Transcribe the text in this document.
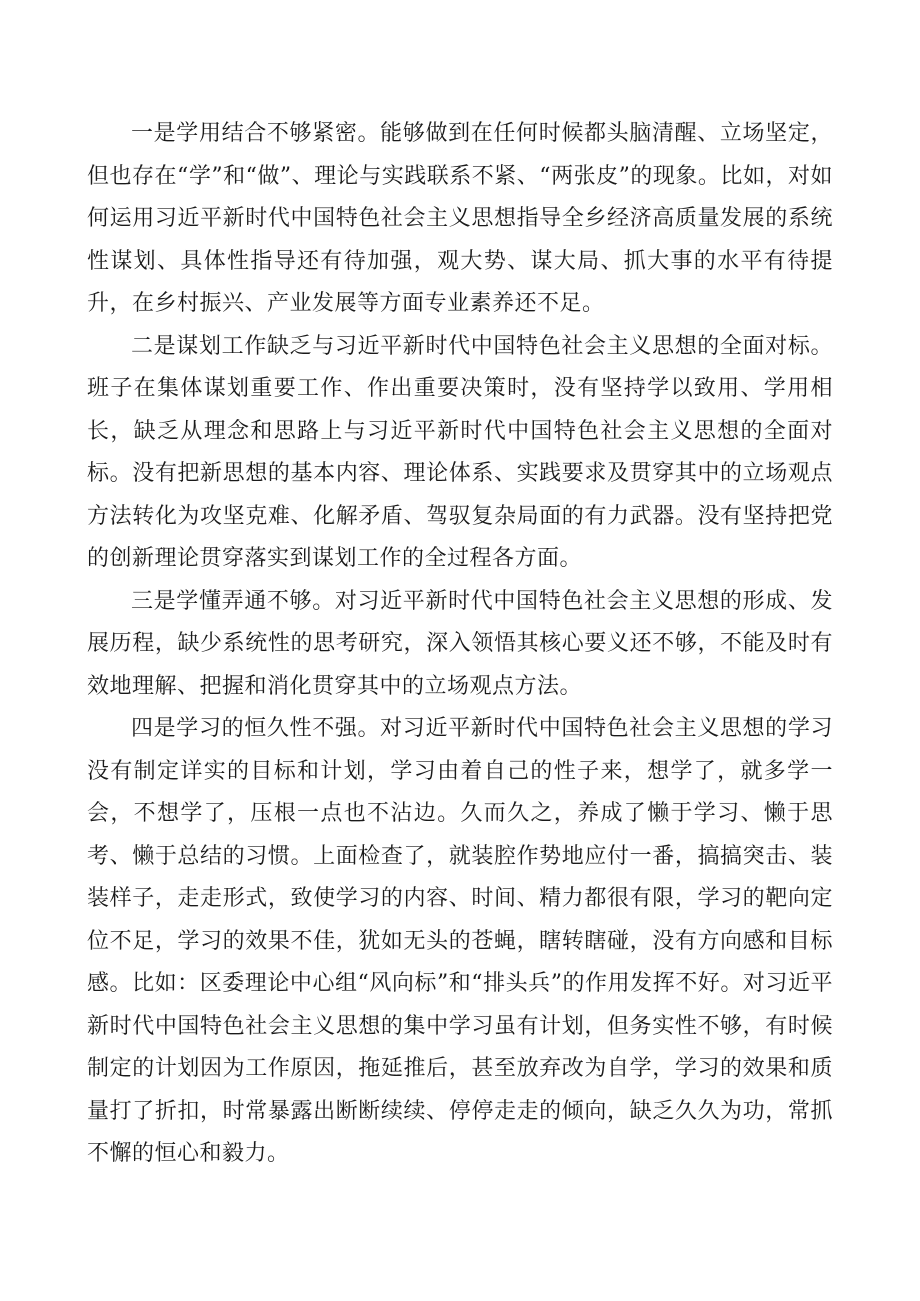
一是学用结合不够紧密。能够做到在任何时候都头脑清醒、立场坚定，但也存在“学”和“做”、理论与实践联系不紧、“两张皮”的现象。比如，对如何运用习近平新时代中国特色社会主义思想指导全乡经济高质量发展的系统性谋划、具体性指导还有待加强，观大势、谋大局、抓大事的水平有待提升，在乡村振兴、产业发展等方面专业素养还不足。

二是谋划工作缺乏与习近平新时代中国特色社会主义思想的全面对标。班子在集体谋划重要工作、作出重要决策时，没有坚持学以致用、学用相长，缺乏从理念和思路上与习近平新时代中国特色社会主义思想的全面对标。没有把新思想的基本内容、理论体系、实践要求及贯穿其中的立场观点方法转化为攻坚克难、化解矛盾、驾驭复杂局面的有力武器。没有坚持把党的创新理论贯穿落实到谋划工作的全过程各方面。

三是学懂弄通不够。对习近平新时代中国特色社会主义思想的形成、发展历程，缺少系统性的思考研究，深入领悟其核心要义还不够，不能及时有效地理解、把握和消化贯穿其中的立场观点方法。

四是学习的恒久性不强。对习近平新时代中国特色社会主义思想的学习没有制定详实的目标和计划，学习由着自己的性子来，想学了，就多学一会，不想学了，压根一点也不沾边。久而久之，养成了懒于学习、懒于思考、懒于总结的习惯。上面检查了，就装腔作势地应付一番，搞搞突击、装装样子，走走形式，致使学习的内容、时间、精力都很有限，学习的靶向定位不足，学习的效果不佳，犹如无头的苍蝇，瞎转瞎碰，没有方向感和目标感。比如：区委理论中心组“风向标”和“排头兵”的作用发挥不好。对习近平新时代中国特色社会主义思想的集中学习虽有计划，但务实性不够，有时候制定的计划因为工作原因，拖延推后，甚至放弃改为自学，学习的效果和质量打了折扣，时常暴露出断断续续、停停走走的倾向，缺乏久久为功，常抓不懈的恒心和毅力。
